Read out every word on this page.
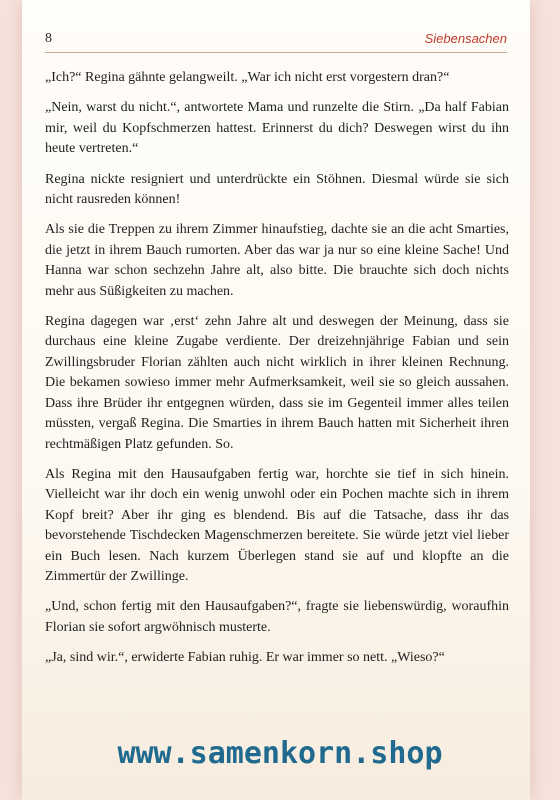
8	Siebensachen

„Ich?“ Regina gähnte gelangweilt. „War ich nicht erst vorgestern dran?“

„Nein, warst du nicht.“, antwortete Mama und runzelte die Stirn. „Da half Fabian mir, weil du Kopfschmerzen hattest. Erinnerst du dich? Deswegen wirst du ihn heute vertreten.“

Regina nickte resigniert und unterdrückte ein Stöhnen. Diesmal würde sie sich nicht rausreden können!

Als sie die Treppen zu ihrem Zimmer hinaufstieg, dachte sie an die acht Smarties, die jetzt in ihrem Bauch rumorten. Aber das war ja nur so eine kleine Sache! Und Hanna war schon sechzehn Jahre alt, also bitte. Die brauchte sich doch nichts mehr aus Süßigkeiten zu machen.

Regina dagegen war ‚erst‘ zehn Jahre alt und deswegen der Meinung, dass sie durchaus eine kleine Zugabe verdiente. Der dreizehnjährige Fabian und sein Zwillingsbruder Florian zählten auch nicht wirklich in ihrer kleinen Rechnung. Die bekamen sowieso immer mehr Aufmerksamkeit, weil sie so gleich aussahen. Dass ihre Brüder ihr entgegnen würden, dass sie im Gegenteil immer alles teilen müssten, vergaß Regina. Die Smarties in ihrem Bauch hatten mit Sicherheit ihren rechtmäßigen Platz gefunden. So.

Als Regina mit den Hausaufgaben fertig war, horchte sie tief in sich hinein. Vielleicht war ihr doch ein wenig unwohl oder ein Pochen machte sich in ihrem Kopf breit? Aber ihr ging es blendend. Bis auf die Tatsache, dass ihr das bevorstehende Tischdecken Magenschmerzen bereitete. Sie würde jetzt viel lieber ein Buch lesen. Nach kurzem Überlegen stand sie auf und klopfte an die Zimmertür der Zwillinge.

„Und, schon fertig mit den Hausaufgaben?“, fragte sie liebenswürdig, woraufhin Florian sie sofort argwöhnisch musterte.

„Ja, sind wir.“, erwiderte Fabian ruhig. Er war immer so nett. „Wieso?“

www.samenkorn.shop
